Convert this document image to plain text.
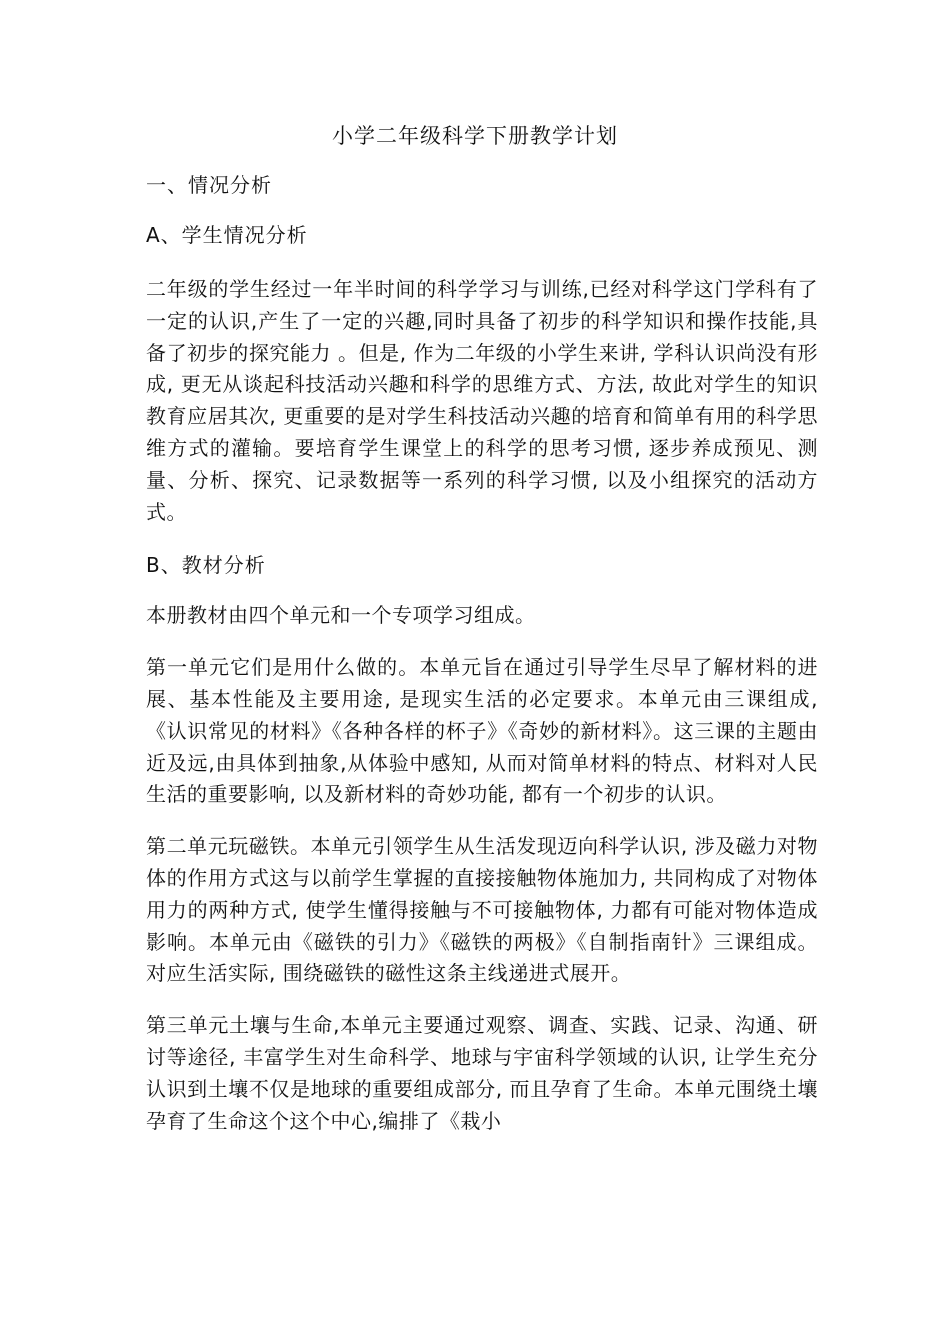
小学二年级科学下册教学计划

一、情况分析

A、学生情况分析

二年级的学生经过一年半时间的科学学习与训练,已经对科学这门学科有了一定的认识,产生了一定的兴趣,同时具备了初步的科学知识和操作技能,具备了初步的探究能力 。但是, 作为二年级的小学生来讲, 学科认识尚没有形成, 更无从谈起科技活动兴趣和科学的思维方式、方法, 故此对学生的知识教育应居其次, 更重要的是对学生科技活动兴趣的培育和简单有用的科学思维方式的灌输。要培育学生课堂上的科学的思考习惯, 逐步养成预见、测量、分析、探究、记录数据等一系列的科学习惯, 以及小组探究的活动方式。

B、教材分析

本册教材由四个单元和一个专项学习组成。

第一单元它们是用什么做的。本单元旨在通过引导学生尽早了解材料的进展、基本性能及主要用途, 是现实生活的必定要求。本单元由三课组成,《认识常见的材料》《各种各样的杯子》《奇妙的新材料》。这三课的主题由近及远,由具体到抽象,从体验中感知, 从而对简单材料的特点、材料对人民生活的重要影响, 以及新材料的奇妙功能, 都有一个初步的认识。

第二单元玩磁铁。本单元引领学生从生活发现迈向科学认识, 涉及磁力对物体的作用方式这与以前学生掌握的直接接触物体施加力, 共同构成了对物体用力的两种方式, 使学生懂得接触与不可接触物体, 力都有可能对物体造成影响。本单元由《磁铁的引力》《磁铁的两极》《自制指南针》三课组成。对应生活实际, 围绕磁铁的磁性这条主线递进式展开。

第三单元土壤与生命,本单元主要通过观察、调查、实践、记录、沟通、研讨等途径, 丰富学生对生命科学、地球与宇宙科学领域的认识, 让学生充分认识到土壤不仅是地球的重要组成部分, 而且孕育了生命。本单元围绕土壤孕育了生命这个这个中心,编排了《栽小
